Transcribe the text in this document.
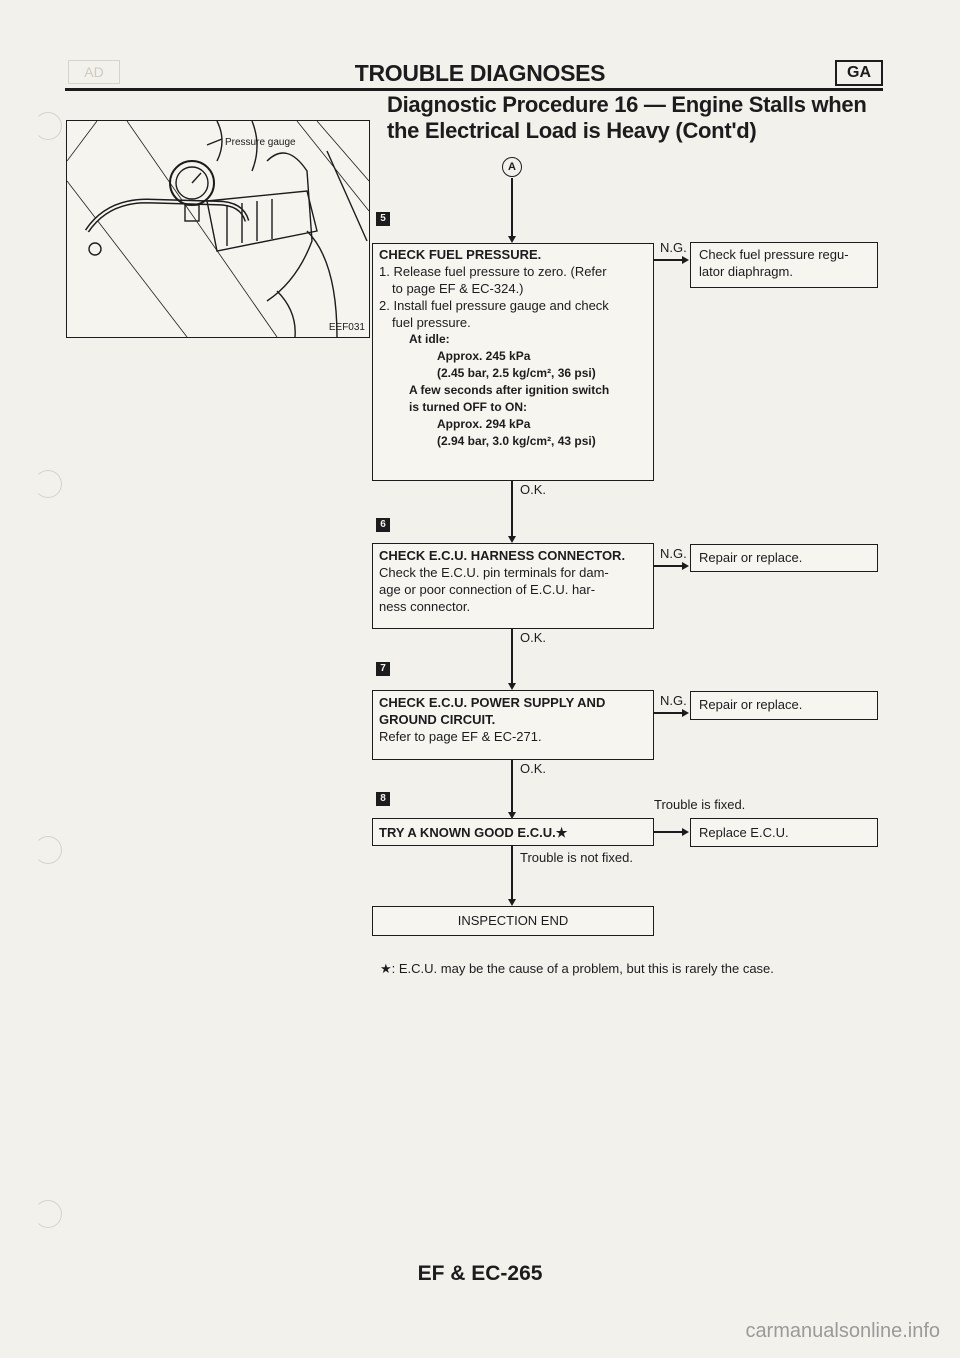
AD	TROUBLE DIAGNOSES	GA
Diagnostic Procedure 16 — Engine Stalls when
the Electrical Load is Heavy (Cont'd)
Pressure gauge
EEF031
A
5
CHECK FUEL PRESSURE.
1. Release fuel pressure to zero. (Refer
to page EF & EC-324.)
2. Install fuel pressure gauge and check
fuel pressure.
At idle:
Approx. 245 kPa
(2.45 bar, 2.5 kg/cm², 36 psi)
A few seconds after ignition switch
is turned OFF to ON:
Approx. 294 kPa
(2.94 bar, 3.0 kg/cm², 43 psi)
N.G. Check fuel pressure regu-
lator diaphragm.
O.K.
6
CHECK E.C.U. HARNESS CONNECTOR.
Check the E.C.U. pin terminals for dam-
age or poor connection of E.C.U. har-
ness connector.
N.G. Repair or replace.
O.K.
7
CHECK E.C.U. POWER SUPPLY AND
GROUND CIRCUIT.
Refer to page EF & EC-271.
N.G. Repair or replace.
O.K.
8	Trouble is fixed.
TRY A KNOWN GOOD E.C.U.★	Replace E.C.U.
Trouble is not fixed.
INSPECTION END
★: E.C.U. may be the cause of a problem, but this is rarely the case.
EF & EC-265
carmanualsonline.info
